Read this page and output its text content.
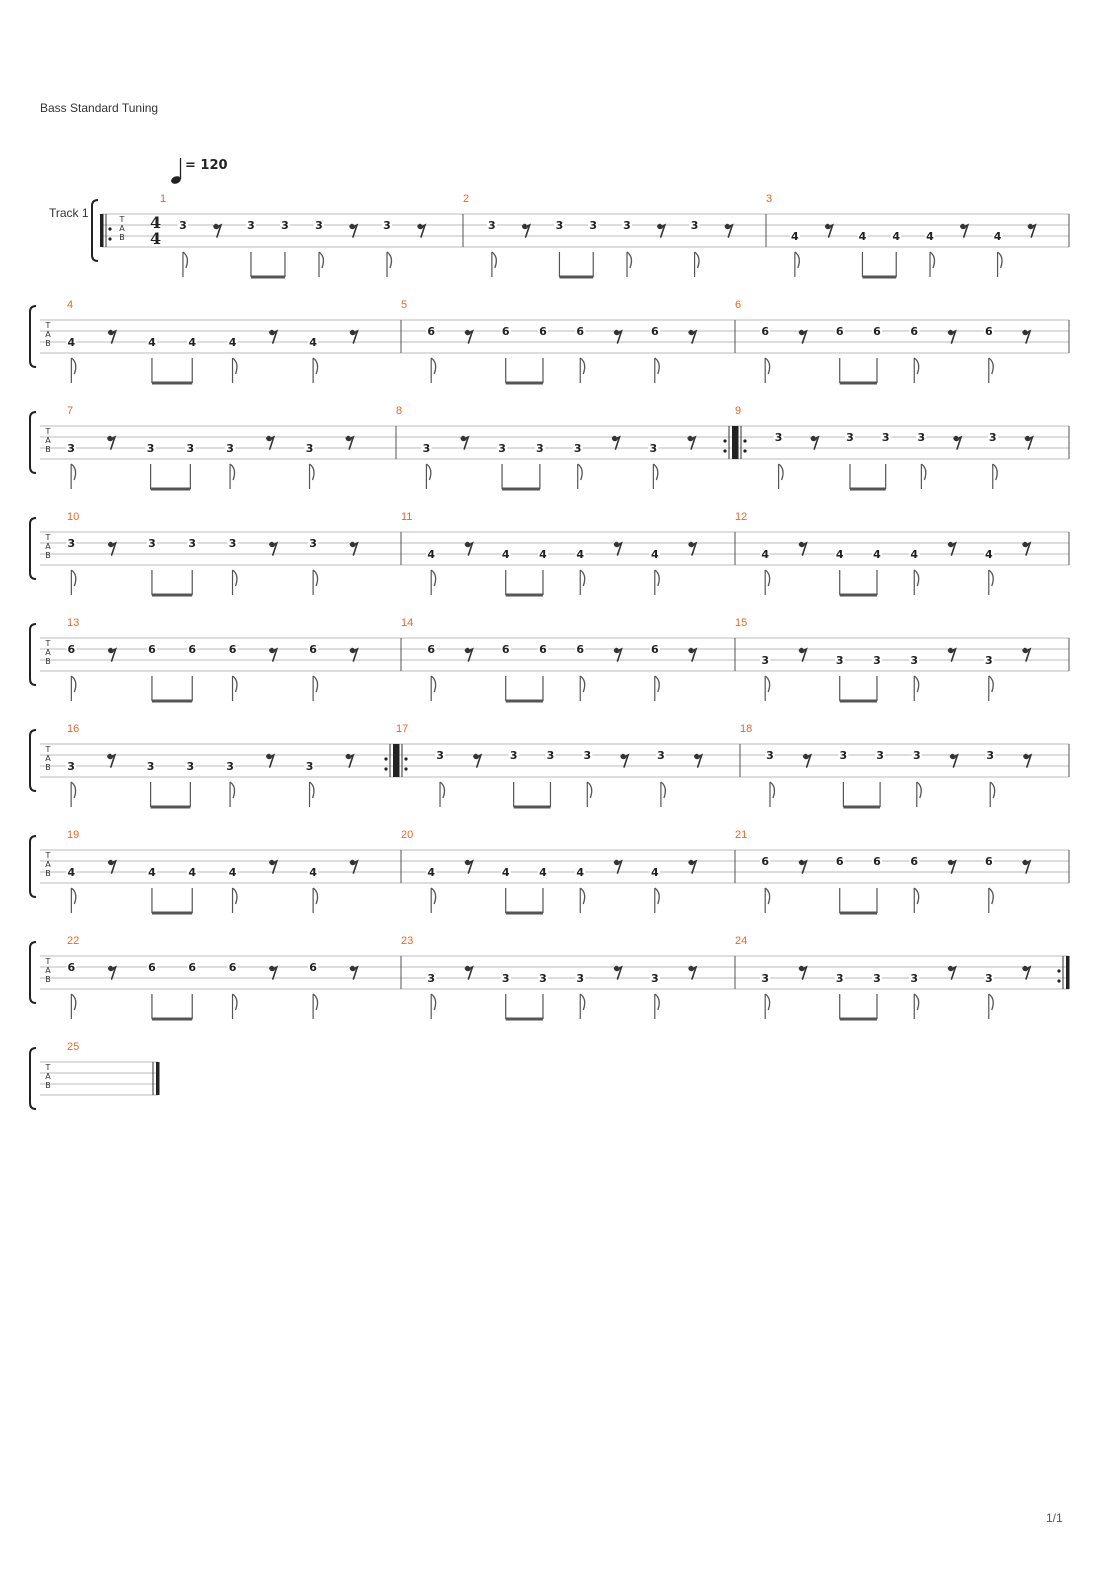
Bass Standard Tuning
1/1
= 120
T
A
B
Track 1	4
4
1
3	3 3 3	3
2
3	3 3 3	3
3
4	4 4 4	4
T
A
B
4
4	4	4	4	4
5
6	6	6	6	6
6
6	6	6	6	6
T
A
B
7
3	3	3	3	3
8
3	3	3	3	3
9
3	3	3	3	3
T
A
B
10
3	3	3	3	3
11
4	4	4	4	4
12
4	4	4	4	4
T
A
B
13
6	6	6	6	6
14
6	6	6	6	6
15
3	3	3	3	3
T
A
B
16
3	3	3	3	3
17
3	3	3	3	3
18
3	3	3	3	3
T
A
B
19
4	4	4	4	4
20
4	4	4	4	4
21
6	6	6	6	6
T
A
B
22
6	6	6	6	6
23
3	3	3	3	3
24
3	3	3	3	3
T
A
B
25
